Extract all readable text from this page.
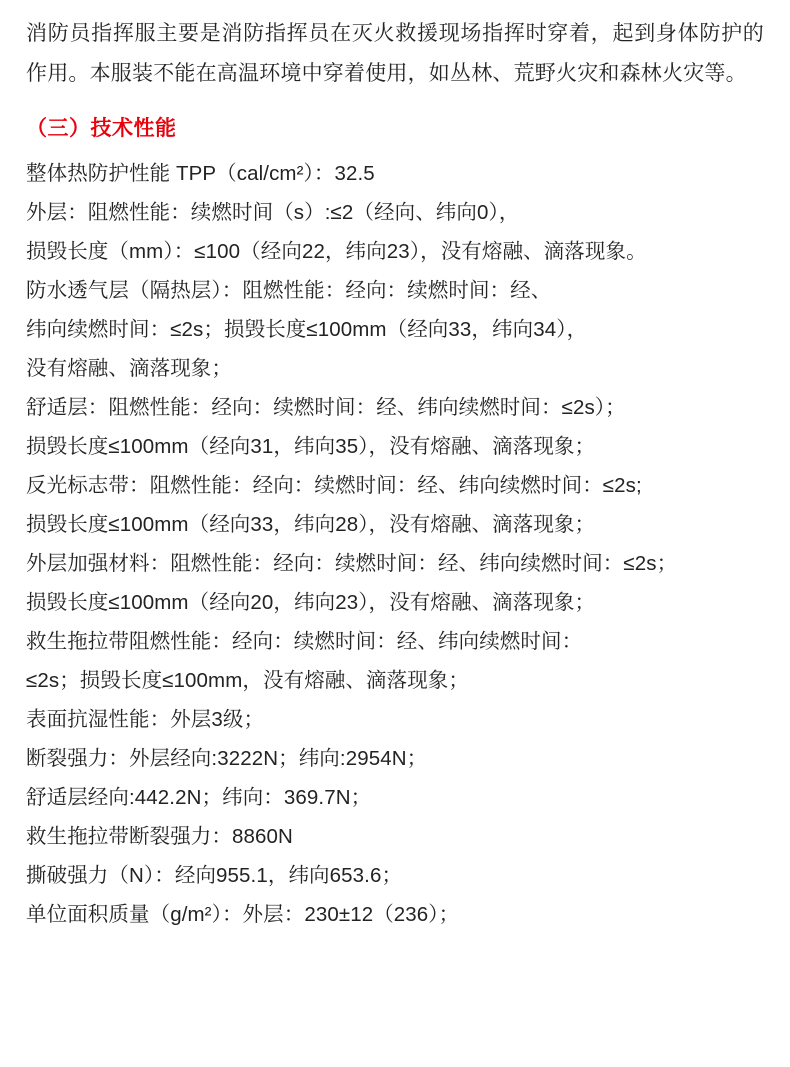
消防员指挥服主要是消防指挥员在灭火救援现场指挥时穿着，起到身体防护的作用。本服装不能在高温环境中穿着使用，如丛林、荒野火灾和森林火灾等。

（三）技术性能
整体热防护性能 TPP（cal/cm²）：32.5
外层：阻燃性能：续燃时间（s）:≤2（经向、纬向0），
损毁长度（mm）：≤100（经向22，纬向23），没有熔融、滴落现象。
防水透气层（隔热层）：阻燃性能：经向：续燃时间：经、
纬向续燃时间：≤2s；损毁长度≤100mm（经向33，纬向34），
没有熔融、滴落现象；
舒适层：阻燃性能：经向：续燃时间：经、纬向续燃时间：≤2s）；
损毁长度≤100mm（经向31，纬向35），没有熔融、滴落现象；
反光标志带：阻燃性能：经向：续燃时间：经、纬向续燃时间：≤2s;
损毁长度≤100mm（经向33，纬向28），没有熔融、滴落现象；
外层加强材料：阻燃性能：经向：续燃时间：经、纬向续燃时间：≤2s；
损毁长度≤100mm（经向20，纬向23），没有熔融、滴落现象；
救生拖拉带阻燃性能：经向：续燃时间：经、纬向续燃时间：
≤2s；损毁长度≤100mm，没有熔融、滴落现象；
表面抗湿性能：外层3级；
断裂强力：外层经向:3222N；纬向:2954N；
舒适层经向:442.2N；纬向：369.7N；
救生拖拉带断裂强力：8860N
撕破强力（N）：经向955.1，纬向653.6；
单位面积质量（g/m²）：外层：230±12（236）；
